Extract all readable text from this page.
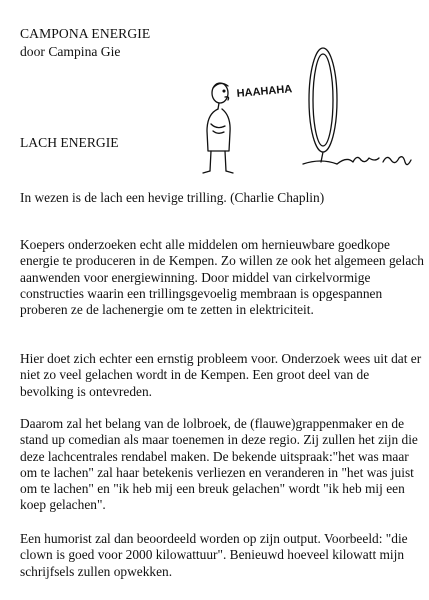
CAMPONA ENERGIE
door Campina Gie
HAAHAHA
LACH ENERGIE

In wezen is de lach een hevige trilling. (Charlie Chaplin)

Koepers onderzoeken echt alle middelen om hernieuwbare goedkope energie te produceren in de Kempen. Zo willen ze ook het algemeen gelach aanwenden voor energiewinning. Door middel van cirkelvormige constructies waarin een trillingsgevoelig membraan is opgespannen proberen ze de lachenergie om te zetten in elektriciteit.

Hier doet zich echter een ernstig probleem voor. Onderzoek wees uit dat er niet zo veel gelachen wordt in de Kempen. Een groot deel van de bevolking is ontevreden.

Daarom zal het belang van de lolbroek, de (flauwe)grappenmaker en de stand up comedian als maar toenemen in deze regio. Zij zullen het zijn die deze lachcentrales rendabel maken. De bekende uitspraak:"het was maar om te lachen" zal haar betekenis verliezen en veranderen in "het was juist om te lachen" en "ik heb mij een breuk gelachen" wordt "ik heb mij een koep gelachen".

Een humorist zal dan beoordeeld worden op zijn output. Voorbeeld: "die clown is goed voor 2000 kilowattuur". Benieuwd hoeveel kilowatt mijn schrijfsels zullen opwekken.
